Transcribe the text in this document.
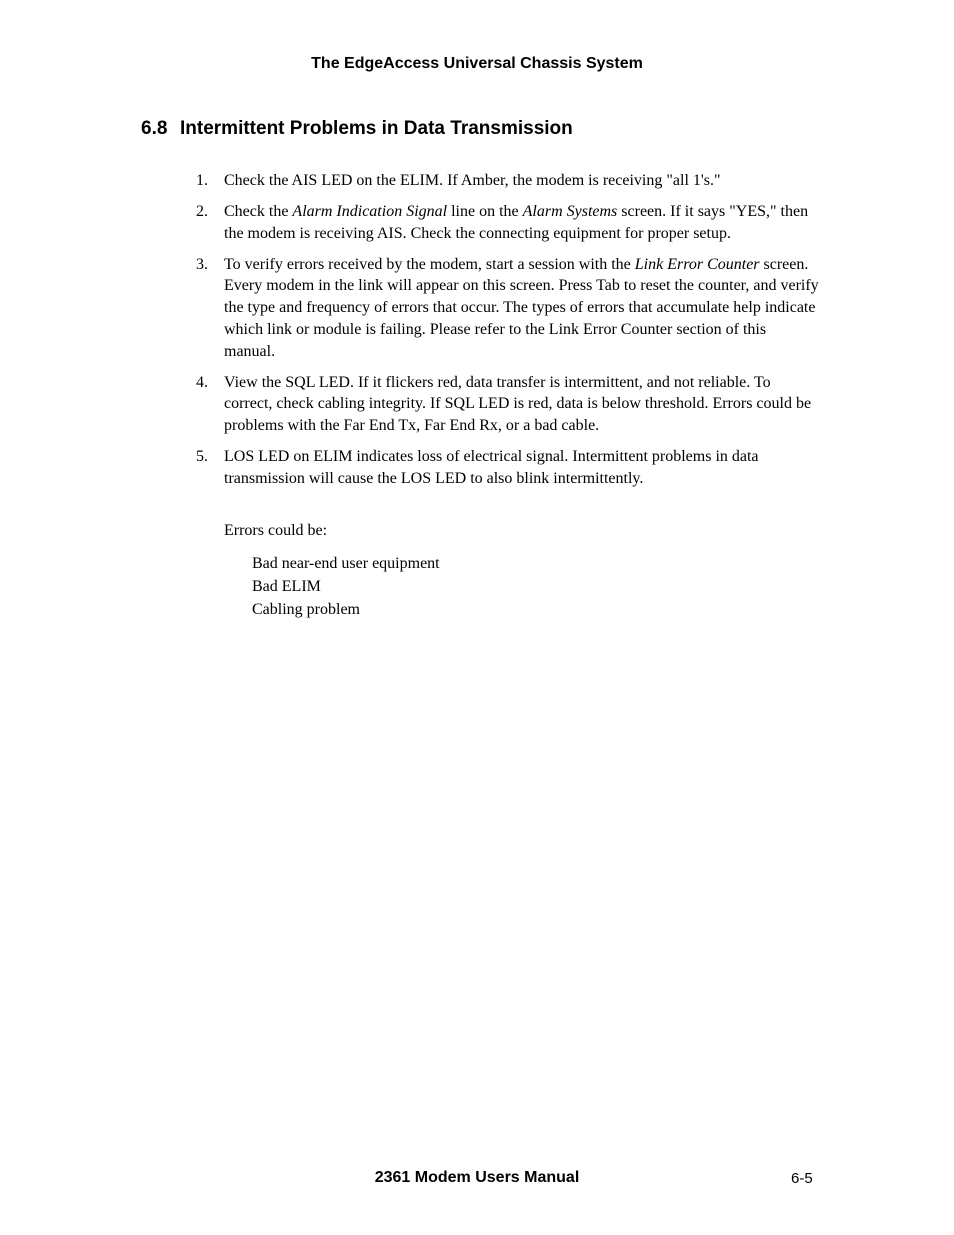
The EdgeAccess Universal Chassis System
6.8 Intermittent Problems in Data Transmission
1.	Check the AIS LED on the ELIM. If Amber, the modem is receiving "all 1's."
2.	Check the Alarm Indication Signal line on the Alarm Systems screen. If it says "YES," then the modem is receiving AIS. Check the connecting equipment for proper setup.
3.	To verify errors received by the modem, start a session with the Link Error Counter screen. Every modem in the link will appear on this screen. Press Tab to reset the counter, and verify the type and frequency of errors that occur. The types of errors that accumulate help indicate which link or module is failing. Please refer to the Link Error Counter section of this manual.
4.	View the SQL LED. If it flickers red, data transfer is intermittent, and not reliable. To correct, check cabling integrity. If SQL LED is red, data is below threshold. Errors could be problems with the Far End Tx, Far End Rx, or a bad cable.
5.	LOS LED on ELIM indicates loss of electrical signal. Intermittent problems in data transmission will cause the LOS LED to also blink intermittently.
Errors could be:
Bad near-end user equipment
Bad ELIM
Cabling problem
2361 Modem Users Manual	6-5
